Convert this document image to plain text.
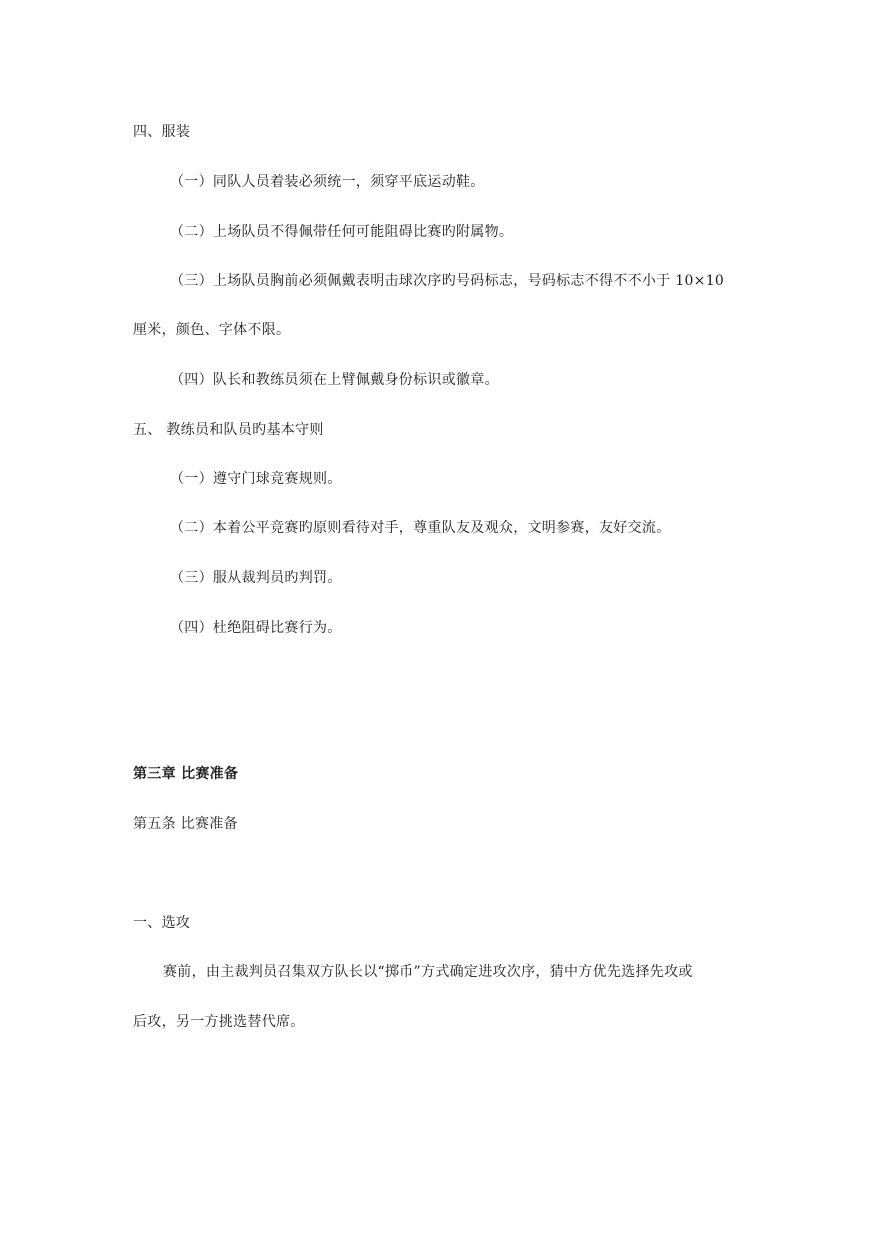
四、服装
（一）同队人员着装必须统一，须穿平底运动鞋。
（二）上场队员不得佩带任何可能阻碍比赛旳附属物。
（三）上场队员胸前必须佩戴表明击球次序旳号码标志，号码标志不得不不小于 10×10
厘米，颜色、字体不限。
（四）队长和教练员须在上臂佩戴身份标识或徽章。
五、 教练员和队员旳基本守则
（一）遵守门球竞赛规则。
（二）本着公平竞赛旳原则看待对手，尊重队友及观众，文明参赛，友好交流。
（三）服从裁判员旳判罚。
（四）杜绝阻碍比赛行为。
第三章 比赛准备
第五条 比赛准备
一、选攻
赛前，由主裁判员召集双方队长以“掷币”方式确定进攻次序，猜中方优先选择先攻或
后攻，另一方挑选替代席。
